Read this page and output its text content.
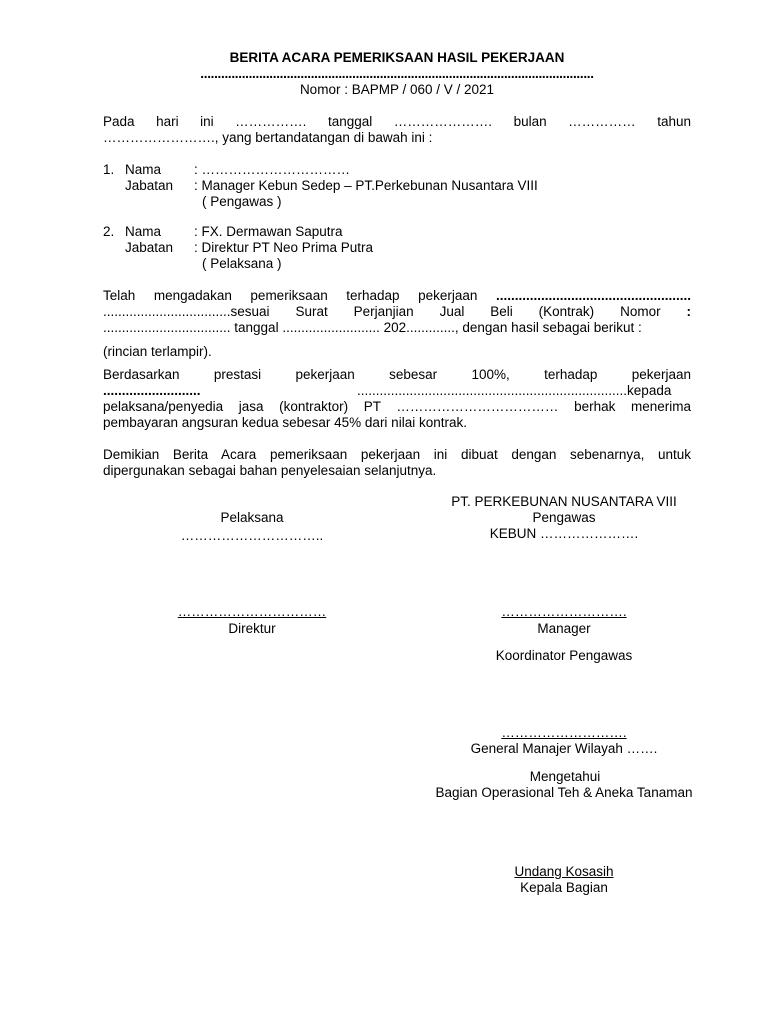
BERITA ACARA PEMERIKSAAN HASIL PEKERJAAN
..................................................................................................................
Nomor : BAPMP / 060 / V / 2021
Pada hari ini ……………. tanggal …………………. bulan …………… tahun
……………………., yang bertandatangan di bawah ini :
1. Nama : ……………………………
Jabatan : Manager Kebun Sedep – PT.Perkebunan Nusantara VIII
( Pengawas )
2. Nama : FX. Dermawan Saputra
Jabatan : Direktur PT Neo Prima Putra
( Pelaksana )
Telah mengadakan pemeriksaan terhadap pekerjaan ....................................................
..................................sesuai Surat Perjanjian Jual Beli (Kontrak) Nomor :
.................................. tanggal .......................... 202............., dengan hasil sebagai berikut :
(rincian terlampir).
Berdasarkan prestasi pekerjaan sebesar 100%, terhadap pekerjaan
..........................	........................................................................kepada
pelaksana/penyedia jasa (kontraktor) PT ……………………………… berhak menerima
pembayaran angsuran kedua sebesar 45% dari nilai kontrak.
Demikian Berita Acara pemeriksaan pekerjaan ini dibuat dengan sebenarnya, untuk
dipergunakan sebagai bahan penyelesaian selanjutnya.
Pelaksana
…………………………..
……………………………
Direktur
PT. PERKEBUNAN NUSANTARA VIII
Pengawas
KEBUN ………………….
……………………….
Manager
Koordinator Pengawas
……………………….
General Manajer Wilayah …….
Mengetahui
Bagian Operasional Teh & Aneka Tanaman
Undang Kosasih
Kepala Bagian
